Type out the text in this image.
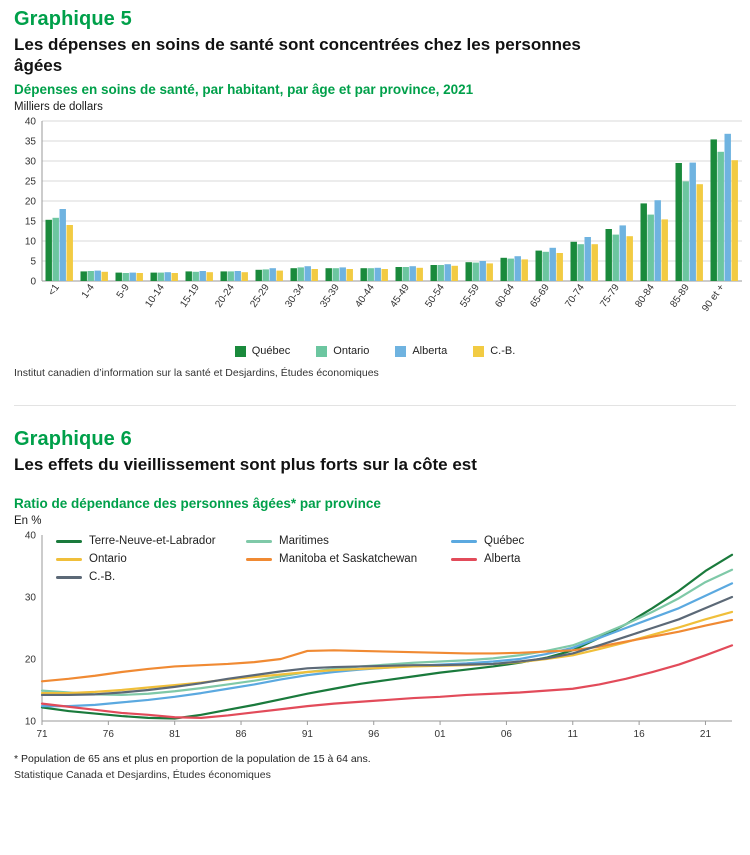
Graphique 5
Les dépenses en soins de santé sont concentrées chez les personnes âgées
Dépenses en soins de santé, par habitant, par âge et par province, 2021
Milliers de dollars
0
5
10
15
20
25
30
35
40
<1 1-4 5-9 10-14 15-19 20-24 25-29 30-34 35-39 40-44 45-49 50-54 55-59 60-64 65-69 70-74 75-79 80-84 85-89 90 et +
Québec	Ontario	Alberta	C.-B.
Institut canadien d’information sur la santé et Desjardins, Études économiques
Graphique 6
Les effets du vieillissement sont plus forts sur la côte est
Ratio de dépendance des personnes âgées* par province
En %
10
20
30
40
71	76	81	86	91	96	01	06	11	16	21
Terre-Neuve-et-Labrador	Maritimes	Québec
Ontario	Manitoba et Saskatchewan	Alberta
C.-B.
* Population de 65 ans et plus en proportion de la population de 15 à 64 ans.
Statistique Canada et Desjardins, Études économiques
